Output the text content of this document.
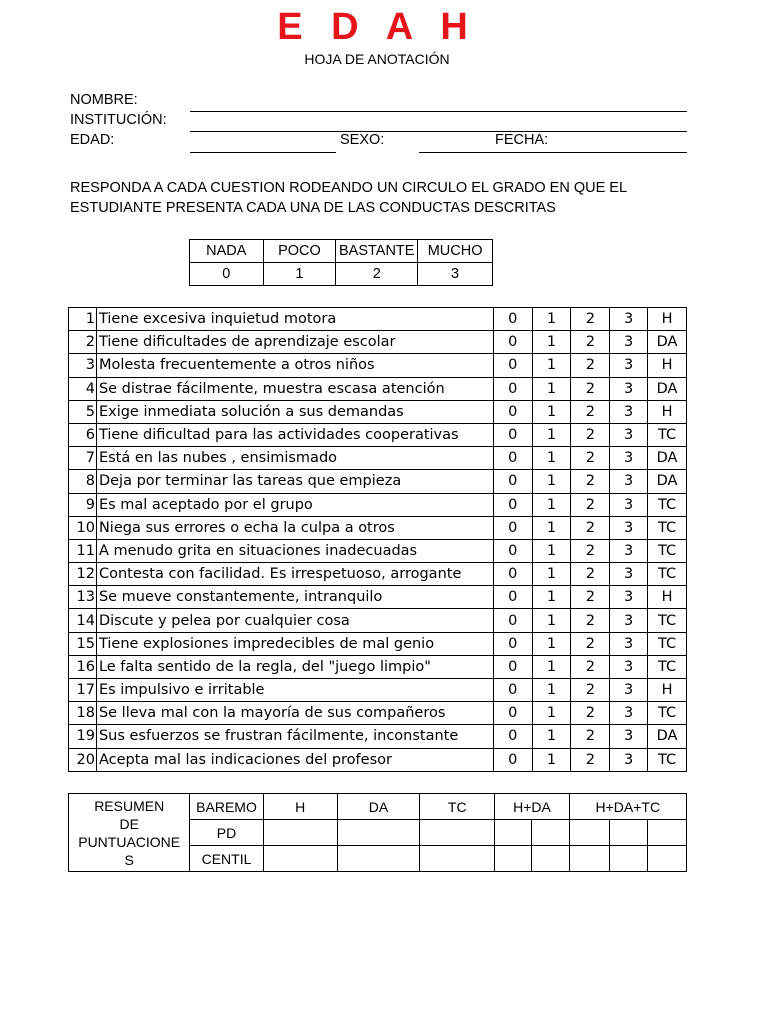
E D A H
HOJA DE ANOTACIÓN
NOMBRE:
INSTITUCIÓN:
EDAD:	SEXO:	FECHA:
RESPONDA A CADA CUESTION RODEANDO UN CIRCULO EL GRADO EN QUE EL
ESTUDIANTE PRESENTA CADA UNA DE LAS CONDUCTAS DESCRITAS
NADA	POCO	BASTANTE	MUCHO
0	1	2	3
1	Tiene excesiva inquietud motora	0	1	2	3	H
2	Tiene dificultades de aprendizaje escolar	0	1	2	3	DA
3	Molesta frecuentemente a otros niños	0	1	2	3	H
4	Se distrae fácilmente, muestra escasa atención	0	1	2	3	DA
5	Exige inmediata solución a sus demandas	0	1	2	3	H
6	Tiene dificultad para las actividades cooperativas	0	1	2	3	TC
7	Está en las nubes , ensimismado	0	1	2	3	DA
8	Deja por terminar las tareas que empieza	0	1	2	3	DA
9	Es mal aceptado por el grupo	0	1	2	3	TC
10	Niega sus errores o echa la culpa a otros	0	1	2	3	TC
11	A menudo grita en situaciones inadecuadas	0	1	2	3	TC
12	Contesta con facilidad. Es irrespetuoso, arrogante	0	1	2	3	TC
13	Se mueve constantemente, intranquilo	0	1	2	3	H
14	Discute y pelea por cualquier cosa	0	1	2	3	TC
15	Tiene explosiones impredecibles de mal genio	0	1	2	3	TC
16	Le falta sentido de la regla, del "juego limpio"	0	1	2	3	TC
17	Es impulsivo e irritable	0	1	2	3	H
18	Se lleva mal con la mayoría de sus compañeros	0	1	2	3	TC
19	Sus esfuerzos se frustran fácilmente, inconstante	0	1	2	3	DA
20	Acepta mal las indicaciones del profesor	0	1	2	3	TC
RESUMEN
DE
PUNTUACIONE
S	BAREMO	H	DA	TC	H+DA		H+DA+TC		
	PD								
	CENTIL								
